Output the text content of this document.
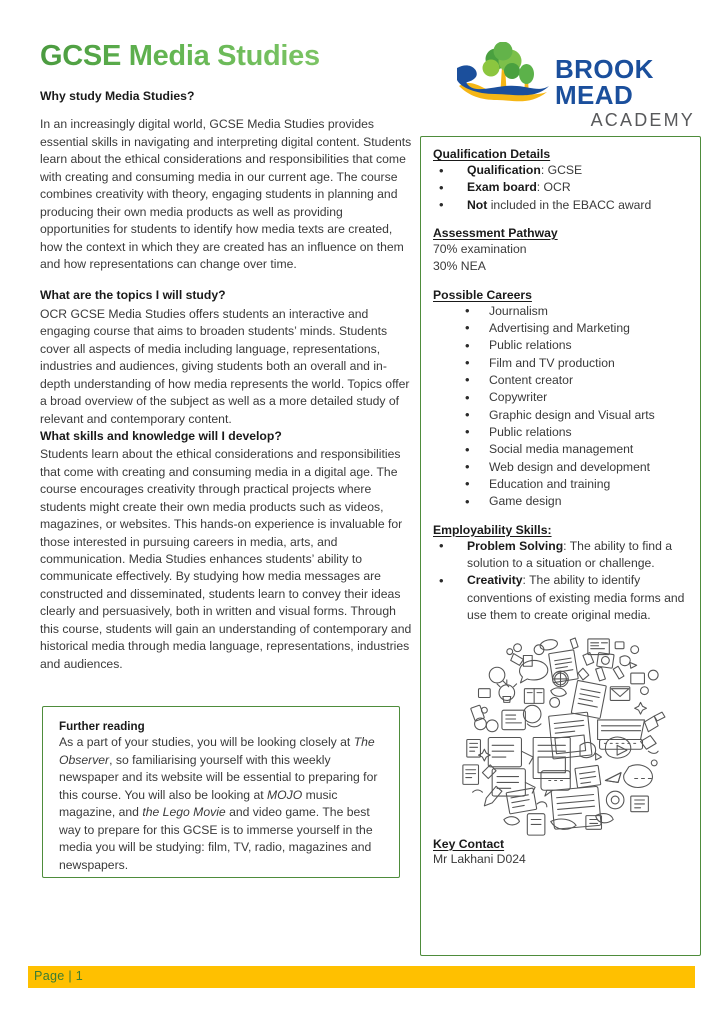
GCSE Media Studies	BROOK MEAD
ACADEMY
Why study Media Studies?

In an increasingly digital world, GCSE Media Studies provides essential skills in navigating and interpreting digital content. Students learn about the ethical considerations and responsibilities that come with creating and consuming media in our current age. The course combines creativity with theory, engaging students in planning and producing their own media products as well as providing opportunities for students to identify how media texts are created, how the context in which they are created has an influence on them and how representations can change over time.

What are the topics I will study?

OCR GCSE Media Studies offers students an interactive and engaging course that aims to broaden students’ minds. Students cover all aspects of media including language, representations, industries and audiences, giving students both an overall and in-depth understanding of how media represents the world. Topics offer a broad overview of the subject as well as a more detailed study of relevant and contemporary content.

What skills and knowledge will I develop?

Students learn about the ethical considerations and responsibilities that come with creating and consuming media in a digital age. The course encourages creativity through practical projects where students might create their own media products such as videos, magazines, or websites. This hands-on experience is invaluable for those interested in pursuing careers in media, arts, and communication. Media Studies enhances students’ ability to communicate effectively. By studying how media messages are constructed and disseminated, students learn to convey their ideas clearly and persuasively, both in written and visual forms. Through this course, students will gain an understanding of contemporary and historical media through media language, representations, industries and audiences.

Further reading
As a part of your studies, you will be looking closely at The Observer, so familiarising yourself with this weekly newspaper and its website will be essential to preparing for this course. You will also be looking at MOJO music magazine, and the Lego Movie and video game. The best way to prepare for this GCSE is to immerse yourself in the media you will be studying: film, TV, radio, magazines and newspapers.
Qualification Details
• Qualification: GCSE
• Exam board: OCR
• Not included in the EBACC award
Assessment Pathway
70% examination
30% NEA
Possible Careers
• Journalism
• Advertising and Marketing
• Public relations
• Film and TV production
• Content creator
• Copywriter
• Graphic design and Visual arts
• Public relations
• Social media management
• Web design and development
• Education and training
• Game design
Employability Skills:
• Problem Solving: The ability to find a solution to a situation or challenge.
• Creativity: The ability to identify conventions of existing media forms and use them to create original media.
Key Contact
Mr Lakhani D024
Page | 1
